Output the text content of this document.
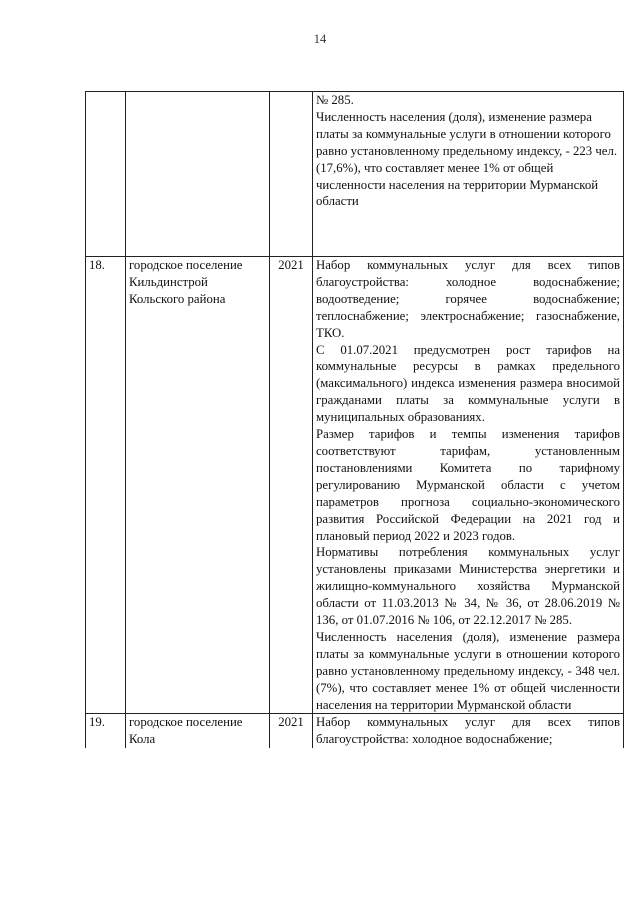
14

			№ 285.
Численность населения (доля), изменение размера платы за коммунальные услуги в отношении которого равно установленному предельному индексу, - 223 чел. (17,6%), что составляет менее 1% от общей численности населения на территории Мурманской области

18.	городское поселение Кильдинстрой Кольского района	2021	Набор коммунальных услуг для всех типов благоустройства: холодное водоснабжение; водоотведение; горячее водоснабжение; теплоснабжение; электроснабжение; газоснабжение, ТКО.
С 01.07.2021 предусмотрен рост тарифов на коммунальные ресурсы в рамках предельного (максимального) индекса изменения размера вносимой гражданами платы за коммунальные услуги в муниципальных образованиях.
Размер тарифов и темпы изменения тарифов соответствуют тарифам, установленным постановлениями Комитета по тарифному регулированию Мурманской области с учетом параметров прогноза социально-экономического развития Российской Федерации на 2021 год и плановый период 2022 и 2023 годов.
Нормативы потребления коммунальных услуг установлены приказами Министерства энергетики и жилищно-коммунального хозяйства Мурманской области от 11.03.2013 № 34, № 36, от 28.06.2019 № 136, от 01.07.2016 № 106, от 22.12.2017 № 285.
Численность населения (доля), изменение размера платы за коммунальные услуги в отношении которого равно установленному предельному индексу, - 348 чел. (7%), что составляет менее 1% от общей численности населения на территории Мурманской области

19.	городское поселение Кола	2021	Набор коммунальных услуг для всех типов благоустройства: холодное водоснабжение;
